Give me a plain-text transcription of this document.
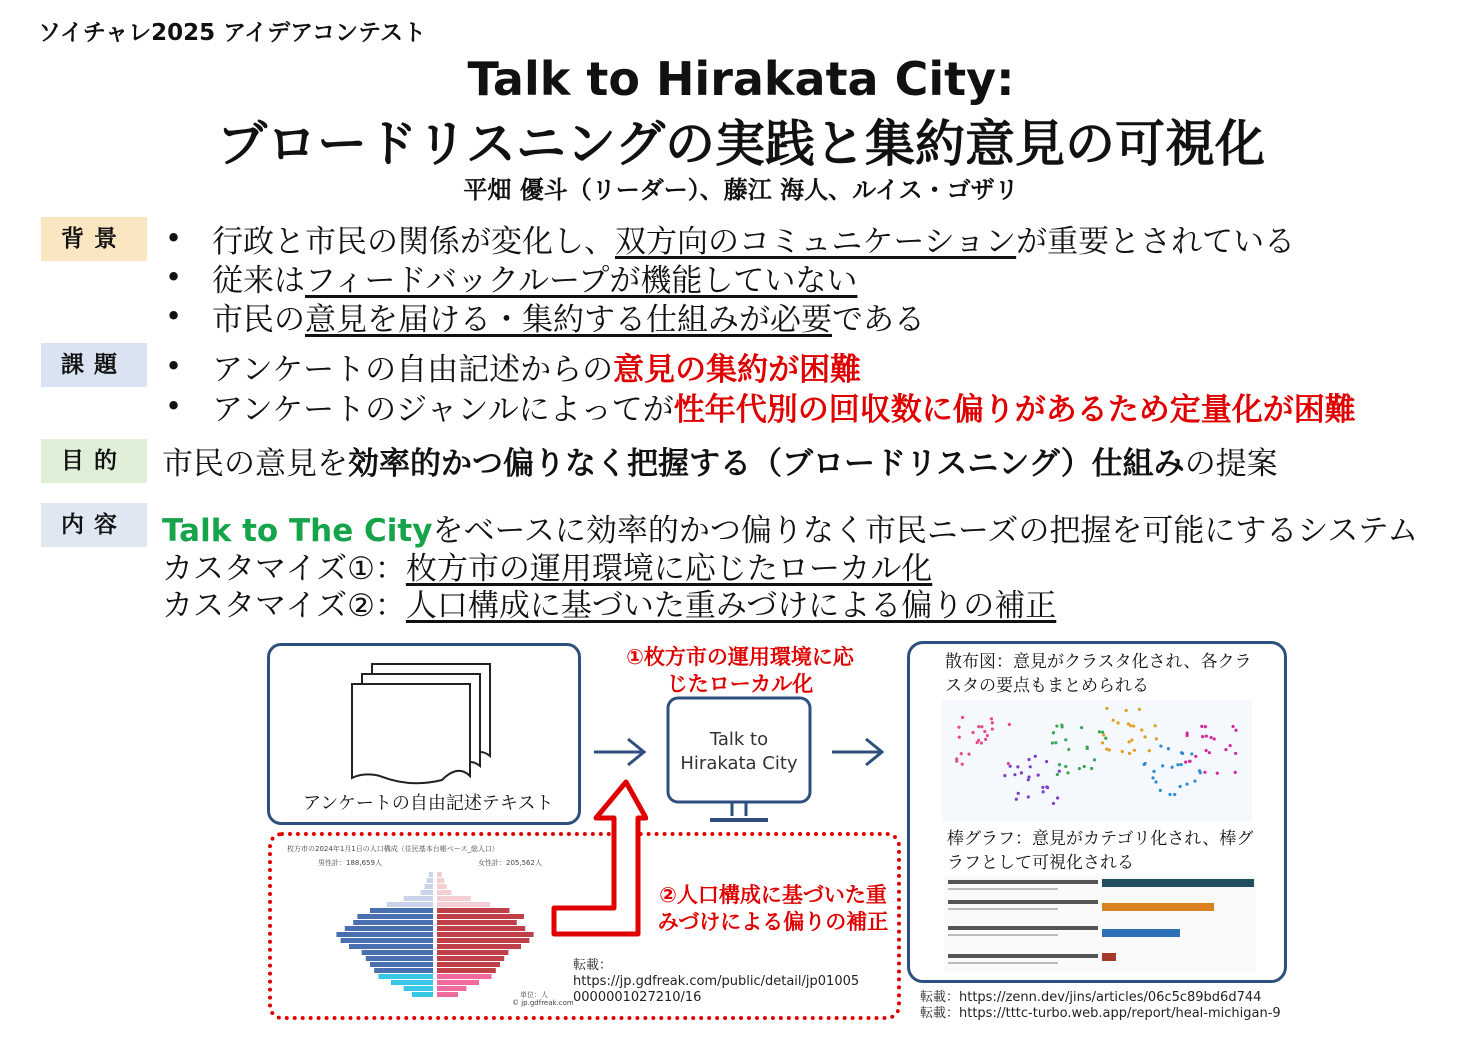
ソイチャレ2025 アイデアコンテスト
Talk to Hirakata City:
ブロードリスニングの実践と集約意見の可視化
平畑 優斗（リーダー）、藤江 海人、ルイス・ゴザリ
背景
課題
目的
内容
• 行政と市民の関係が変化し、双方向のコミュニケーションが重要とされている
• 従来はフィードバックループが機能していない
• 市民の意見を届ける・集約する仕組みが必要である
• アンケートの自由記述からの意見の集約が困難
• アンケートのジャンルによってが性年代別の回収数に偏りがあるため定量化が困難
市民の意見を効率的かつ偏りなく把握する（ブロードリスニング）仕組みの提案
Talk to The Cityをベースに効率的かつ偏りなく市民ニーズの把握を可能にするシステム
カスタマイズ①：枚方市の運用環境に応じたローカル化
カスタマイズ②：人口構成に基づいた重みづけによる偏りの補正
アンケートの自由記述テキスト
①枚方市の運用環境に応
じたローカル化
Talk to
Hirakata City
枚方市の2024年1月1日の人口構成（住民基本台帳ベース_総人口）
男性計：188,659人	女性計：205,562人
単位：人
© jp.gdfreak.com
②人口構成に基づいた重
みづけによる偏りの補正
転載：
https://jp.gdfreak.com/public/detail/jp01005
0000001027210/16
散布図：意見がクラスタ化され、各クラ
スタの要点もまとめられる
棒グラフ：意見がカテゴリ化され、棒グ
ラフとして可視化される
転載：https://zenn.dev/jins/articles/06c5c89bd6d744
転載：https://tttc-turbo.web.app/report/heal-michigan-9
